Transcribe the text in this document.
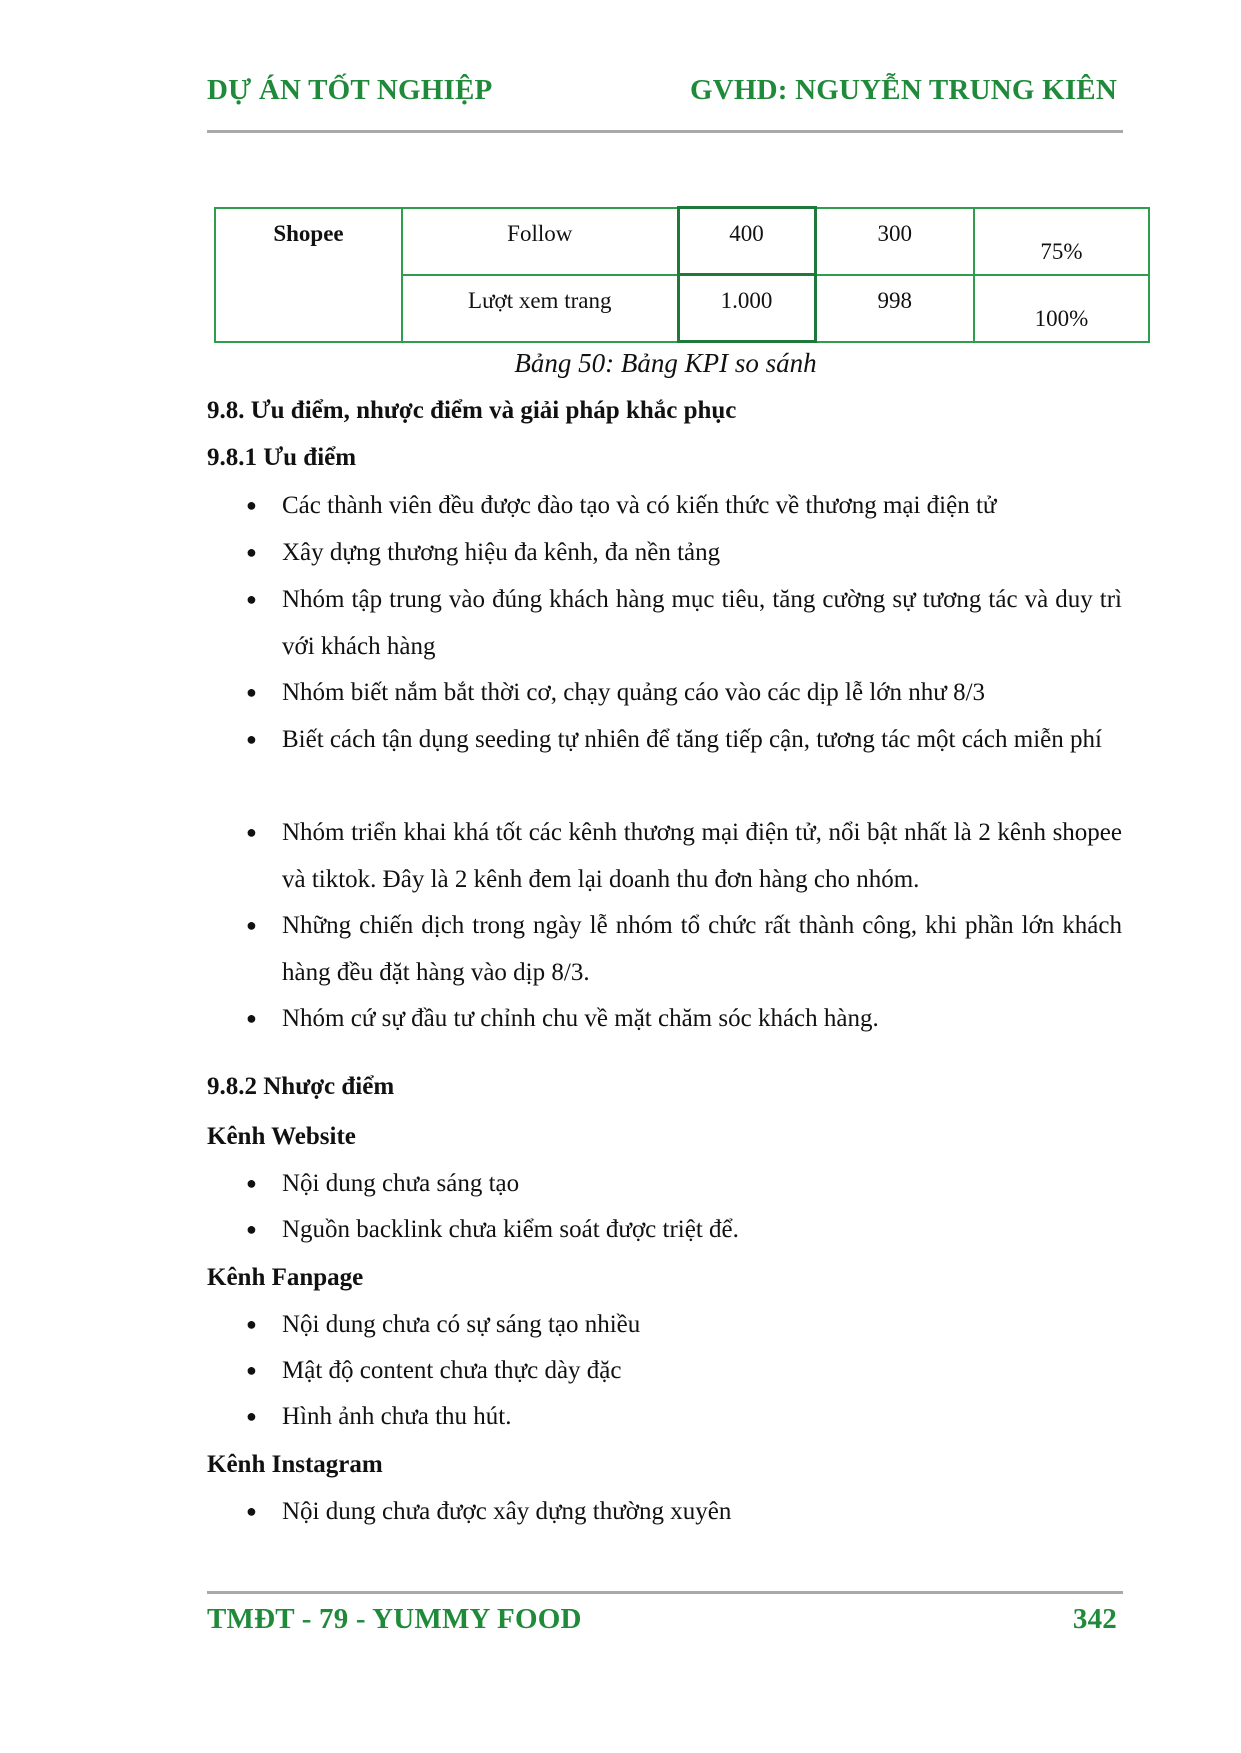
DỰ ÁN TỐT NGHIỆP	GVHD: NGUYỄN TRUNG KIÊN
Shopee	Follow	400	300	75%
	Lượt xem trang	1.000	998	100%
Bảng 50: Bảng KPI so sánh
9.8. Ưu điểm, nhược điểm và giải pháp khắc phục
9.8.1 Ưu điểm
● Các thành viên đều được đào tạo và có kiến thức về thương mại điện tử
● Xây dựng thương hiệu đa kênh, đa nền tảng
● Nhóm tập trung vào đúng khách hàng mục tiêu, tăng cường sự tương tác và duy trì với khách hàng
● Nhóm biết nắm bắt thời cơ, chạy quảng cáo vào các dịp lễ lớn như 8/3
● Biết cách tận dụng seeding tự nhiên để tăng tiếp cận, tương tác một cách miễn phí
● Nhóm triển khai khá tốt các kênh thương mại điện tử, nổi bật nhất là 2 kênh shopee và tiktok. Đây là 2 kênh đem lại doanh thu đơn hàng cho nhóm.
● Những chiến dịch trong ngày lễ nhóm tổ chức rất thành công, khi phần lớn khách hàng đều đặt hàng vào dịp 8/3.
● Nhóm cứ sự đầu tư chỉnh chu về mặt chăm sóc khách hàng.
9.8.2 Nhược điểm
Kênh Website
● Nội dung chưa sáng tạo
● Nguồn backlink chưa kiểm soát được triệt để.
Kênh Fanpage
● Nội dung chưa có sự sáng tạo nhiều
● Mật độ content chưa thực dày đặc
● Hình ảnh chưa thu hút.
Kênh Instagram
● Nội dung chưa được xây dựng thường xuyên
TMĐT - 79 - YUMMY FOOD	342
